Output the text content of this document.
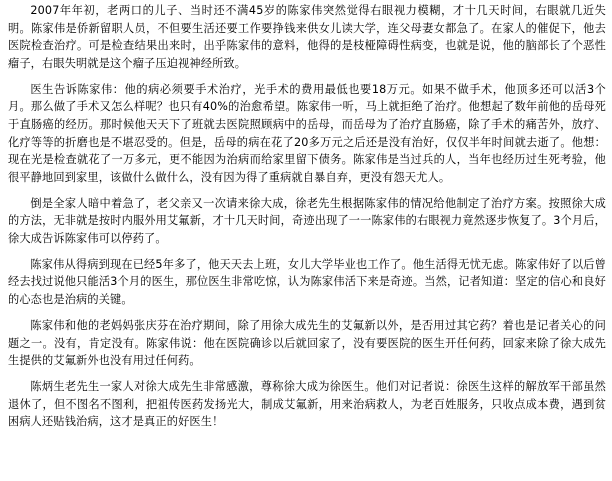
2007年年初，老两口的儿子、当时还不满45岁的陈家伟突然觉得右眼视力模糊，才十几天时间，右眼就几近失明。陈家伟是侨新留职人员，不但要生活还要工作要挣钱来供女儿读大学，连父母妻女都急了。在家人的催促下，他去医院检查治疗。可是检查结果出来时，出乎陈家伟的意料，他得的是枝桠障碍性病变，也就是说，他的脑部长了个恶性瘤子，右眼失明就是这个瘤子压迫视神经所致。

医生告诉陈家伟：他的病必须要手术治疗，光手术的费用最低也要18万元。如果不做手术，他顶多还可以活3个月。那么做了手术又怎么样呢？也只有40%的治愈希望。陈家伟一听，马上就拒绝了治疗。他想起了数年前他的岳母死于直肠癌的经历。那时候他天天下了班就去医院照顾病中的岳母，而岳母为了治疗直肠癌，除了手术的痛苦外，放疗、化疗等等的折磨也是不堪忍受的。但是，岳母的病在花了20多万元之后还是没有治好，仅仅半年时间就去逝了。他想：现在光是检查就花了一万多元，更不能因为治病而给家里留下债务。陈家伟是当过兵的人，当年也经历过生死考验，他很平静地回到家里，该做什么做什么，没有因为得了重病就自暴自弃，更没有怨天尤人。

倒是全家人暗中着急了，老父亲又一次请来徐大成，徐老先生根据陈家伟的情况给他制定了治疗方案。按照徐大成的方法，无非就是按时内服外用艾氟新，才十几天时间，奇迹出现了一一陈家伟的右眼视力竟然逐步恢复了。3个月后，徐大成告诉陈家伟可以停药了。

陈家伟从得病到现在已经5年多了，他天天去上班，女儿大学毕业也工作了。他生活得无忧无虑。陈家伟好了以后曾经去找过说他只能活3个月的医生，那位医生非常吃惊，认为陈家伟活下来是奇迹。当然，记者知道：坚定的信心和良好的心态也是治病的关键。

陈家伟和他的老妈妈张庆芬在治疗期间，除了用徐大成先生的艾氟新以外，是否用过其它药？着也是记者关心的问题之一。没有，肯定没有。陈家伟说：他在医院确诊以后就回家了，没有要医院的医生开任何药，回家来除了徐大成先生提供的艾氟新外也没有用过任何药。

陈炳生老先生一家人对徐大成先生非常感激，尊称徐大成为徐医生。他们对记者说：徐医生这样的解放军干部虽然退休了，但不图名不图利，把祖传医药发扬光大，制成艾氟新，用来治病救人，为老百姓服务，只收点成本费，遇到贫困病人还贴钱治病，这才是真正的好医生！
